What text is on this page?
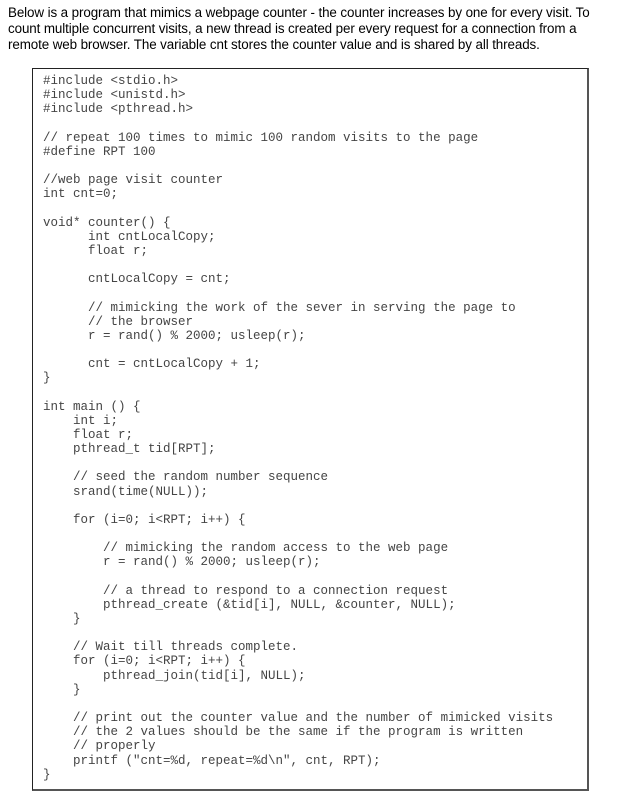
Below is a program that mimics a webpage counter - the counter increases by one for every visit. To
count multiple concurrent visits, a new thread is created per every request for a connection from a
remote web browser. The variable cnt stores the counter value and is shared by all threads.
#include <stdio.h>
#include <unistd.h>
#include <pthread.h>
// repeat 100 times to mimic 100 random visits to the page
#define RPT 100
//web page visit counter
int cnt=0;
void* counter() {
int cntLocalCopy;
float r;
cntLocalCopy = cnt;
// mimicking the work of the sever in serving the page to
// the browser
r = rand() % 2000; usleep(r);
cnt = cntLocalCopy + 1;
}
int main () {
int i;
float r;
pthread_t tid[RPT];
// seed the random number sequence
srand(time(NULL));
for (i=0; i<RPT; i++) {
// mimicking the random access to the web page
r = rand() % 2000; usleep(r);
// a thread to respond to a connection request
pthread_create (&tid[i], NULL, &counter, NULL);
}
// Wait till threads complete.
for (i=0; i<RPT; i++) {
pthread_join(tid[i], NULL);
}
// print out the counter value and the number of mimicked visits
// the 2 values should be the same if the program is written
// properly
printf ("cnt=%d, repeat=%d\n", cnt, RPT);
}
